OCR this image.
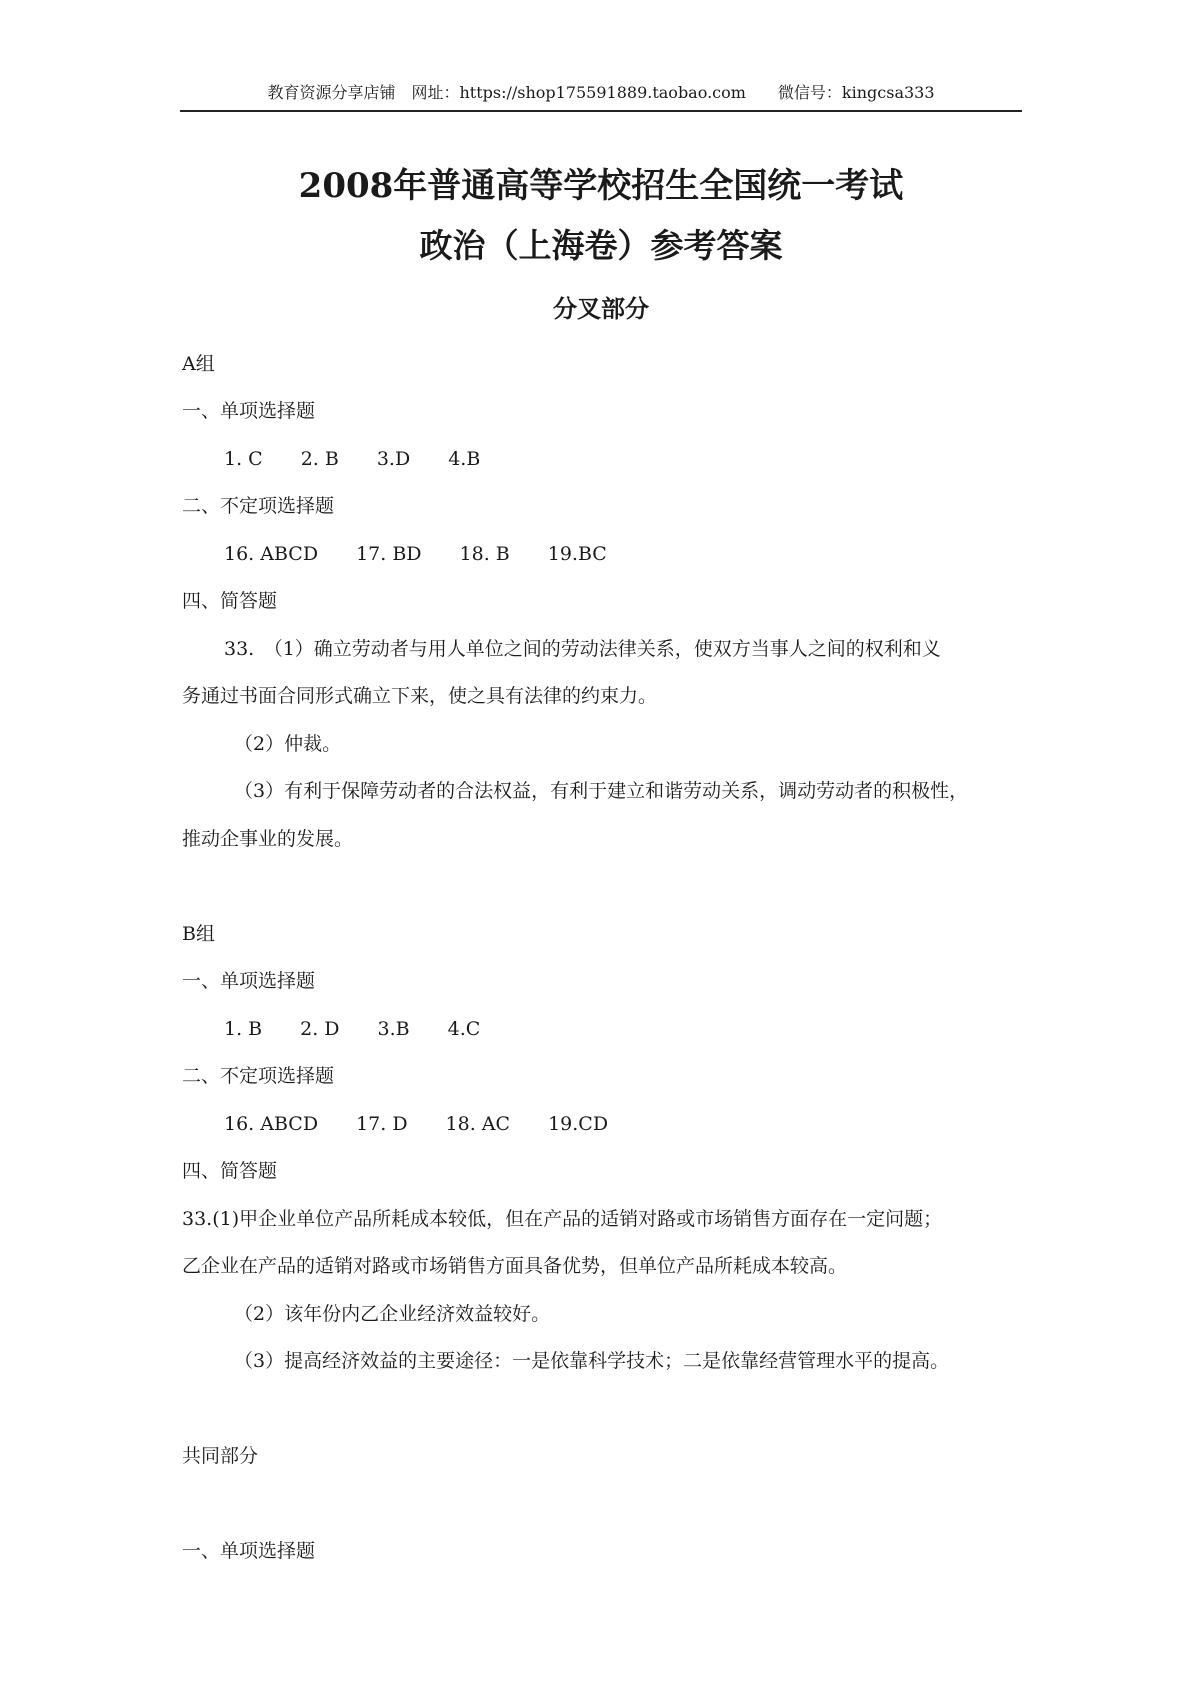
教育资源分享店铺　网址：https://shop175591889.taobao.com　　微信号：kingcsa333
2008年普通高等学校招生全国统一考试
政治（上海卷）参考答案
分叉部分
A组
一、单项选择题
1. C　　2. B　　3.D　　4.B
二、不定项选择题
16. ABCD　　17. BD　　18. B　　19.BC
四、简答题
33.　（1）确立劳动者与用人单位之间的劳动法律关系，使双方当事人之间的权利和义
务通过书面合同形式确立下来，使之具有法律的约束力。
（2）仲裁。
（3）有利于保障劳动者的合法权益，有利于建立和谐劳动关系，调动劳动者的积极性，
推动企事业的发展。
B组
一、单项选择题
1. B　　2. D　　3.B　　4.C
二、不定项选择题
16. ABCD　　17. D　　18. AC　　19.CD
四、简答题
33.(1)甲企业单位产品所耗成本较低，但在产品的适销对路或市场销售方面存在一定问题；
乙企业在产品的适销对路或市场销售方面具备优势，但单位产品所耗成本较高。
（2）该年份内乙企业经济效益较好。
（3）提高经济效益的主要途径：一是依靠科学技术；二是依靠经营管理水平的提高。
共同部分
一、单项选择题
